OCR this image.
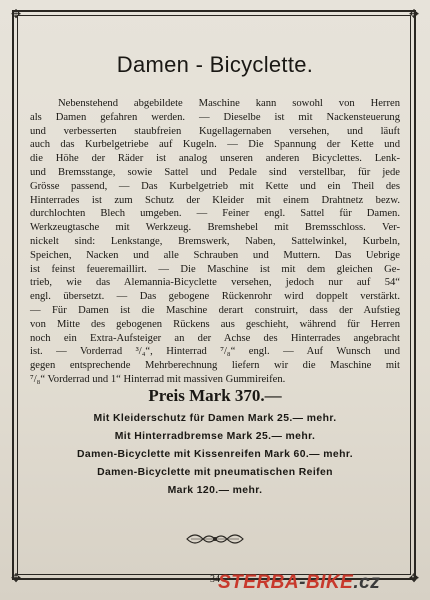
✥	✥
✥	✥
Damen - Bicyclette.
Nebenstehend abgebildete Maschine kann sowohl von Herren
als Damen gefahren werden. — Dieselbe ist mit Nackensteuerung
und verbesserten staubfreien Kugellagernaben versehen, und läuft
auch das Kurbelgetriebe auf Kugeln. — Die Spannung der Kette und
die Höhe der Räder ist analog unseren anderen Bicyclettes. Lenk-
und Bremsstange, sowie Sattel und Pedale sind verstellbar, für jede
Grösse passend, — Das Kurbelgetrieb mit Kette und ein Theil des
Hinterrades ist zum Schutz der Kleider mit einem Drahtnetz bezw.
durchlochten Blech umgeben. — Feiner engl. Sattel für Damen.
Werkzeugtasche mit Werkzeug. Bremshebel mit Bremsschloss. Ver-
nickelt sind: Lenkstange, Bremswerk, Naben, Sattelwinkel, Kurbeln,
Speichen, Nacken und alle Schrauben und Muttern. Das Uebrige
ist feinst feueremaillirt. — Die Maschine ist mit dem gleichen Ge-
trieb, wie das Alemannia-Bicyclette versehen, jedoch nur auf 54“
engl. übersetzt. — Das gebogene Rückenrohr wird doppelt verstärkt.
— Für Damen ist die Maschine derart construirt, dass der Aufstieg
von Mitte des gebogenen Rückens aus geschieht, während für Herren
noch ein Extra-Aufsteiger an der Achse des Hinterrades angebracht
ist. — Vorderrad ³/₄“, Hinterrad ⁷/₈“ engl. — Auf Wunsch und
gegen entsprechende Mehrberechnung liefern wir die Maschine mit
⁷/₈“ Vorderrad und 1“ Hinterrad mit massiven Gummireifen.
Preis Mark 370.—
Mit Kleiderschutz für Damen Mark 25.— mehr.
Mit Hinterradbremse Mark 25.— mehr.
Damen-Bicyclette mit Kissenreifen Mark 60.— mehr.
Damen-Bicyclette mit pneumatischen Reifen
Mark 120.— mehr.
34
STERBA-BIKE.cz
